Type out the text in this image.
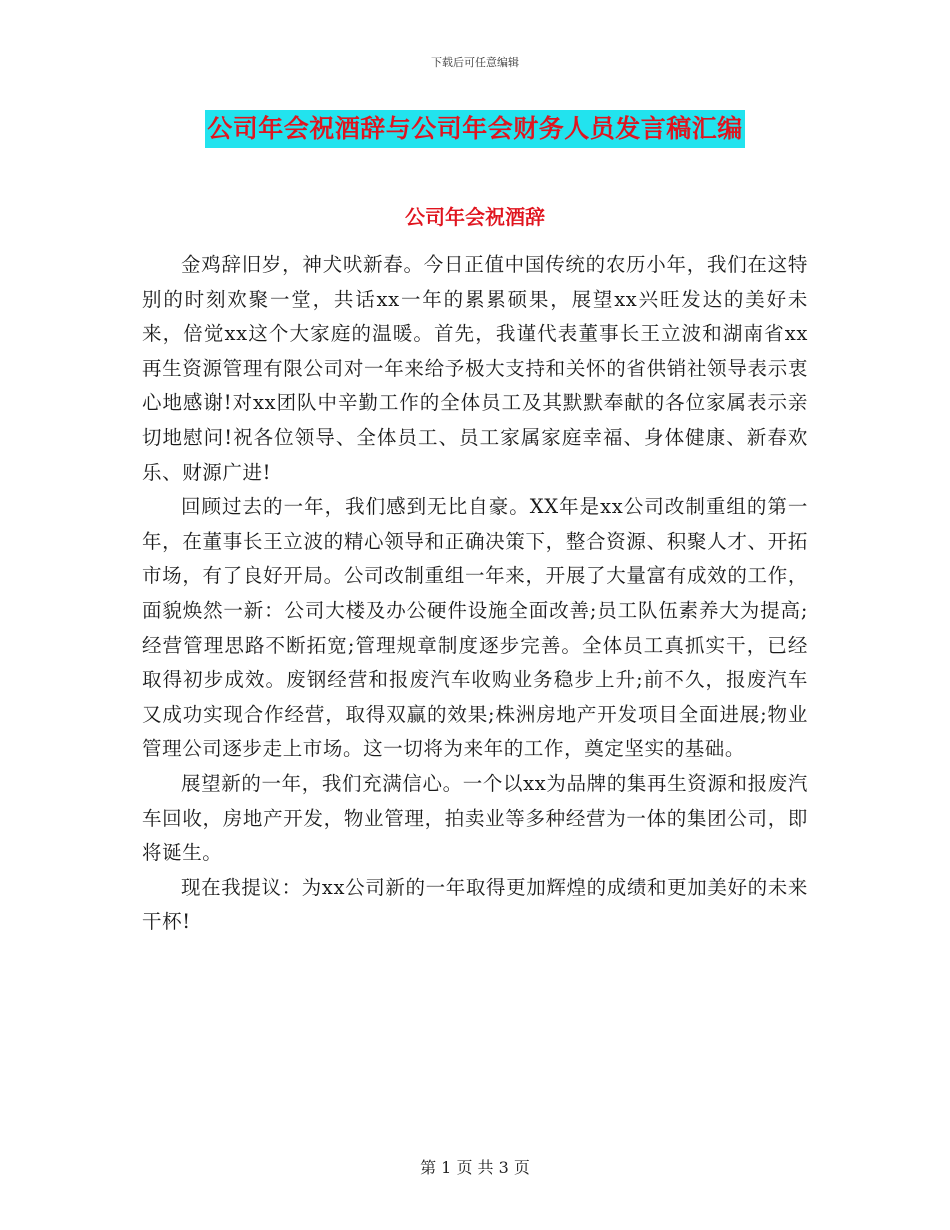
下载后可任意编辑
公司年会祝酒辞与公司年会财务人员发言稿汇编
公司年会祝酒辞

金鸡辞旧岁，神犬吠新春。今日正值中国传统的农历小年，我们在这特别的时刻欢聚一堂，共话xx一年的累累硕果，展望xx兴旺发达的美好未来，倍觉xx这个大家庭的温暖。首先，我谨代表董事长王立波和湖南省xx再生资源管理有限公司对一年来给予极大支持和关怀的省供销社领导表示衷心地感谢!对xx团队中辛勤工作的全体员工及其默默奉献的各位家属表示亲切地慰问!祝各位领导、全体员工、员工家属家庭幸福、身体健康、新春欢乐、财源广进!

回顾过去的一年，我们感到无比自豪。XX年是xx公司改制重组的第一年，在董事长王立波的精心领导和正确决策下，整合资源、积聚人才、开拓市场，有了良好开局。公司改制重组一年来，开展了大量富有成效的工作，面貌焕然一新：公司大楼及办公硬件设施全面改善;员工队伍素养大为提高;经营管理思路不断拓宽;管理规章制度逐步完善。全体员工真抓实干，已经取得初步成效。废钢经营和报废汽车收购业务稳步上升;前不久，报废汽车又成功实现合作经营，取得双赢的效果;株洲房地产开发项目全面进展;物业管理公司逐步走上市场。这一切将为来年的工作，奠定坚实的基础。

展望新的一年，我们充满信心。一个以xx为品牌的集再生资源和报废汽车回收，房地产开发，物业管理，拍卖业等多种经营为一体的集团公司，即将诞生。

现在我提议：为xx公司新的一年取得更加辉煌的成绩和更加美好的未来干杯!

第 1 页 共 3 页
